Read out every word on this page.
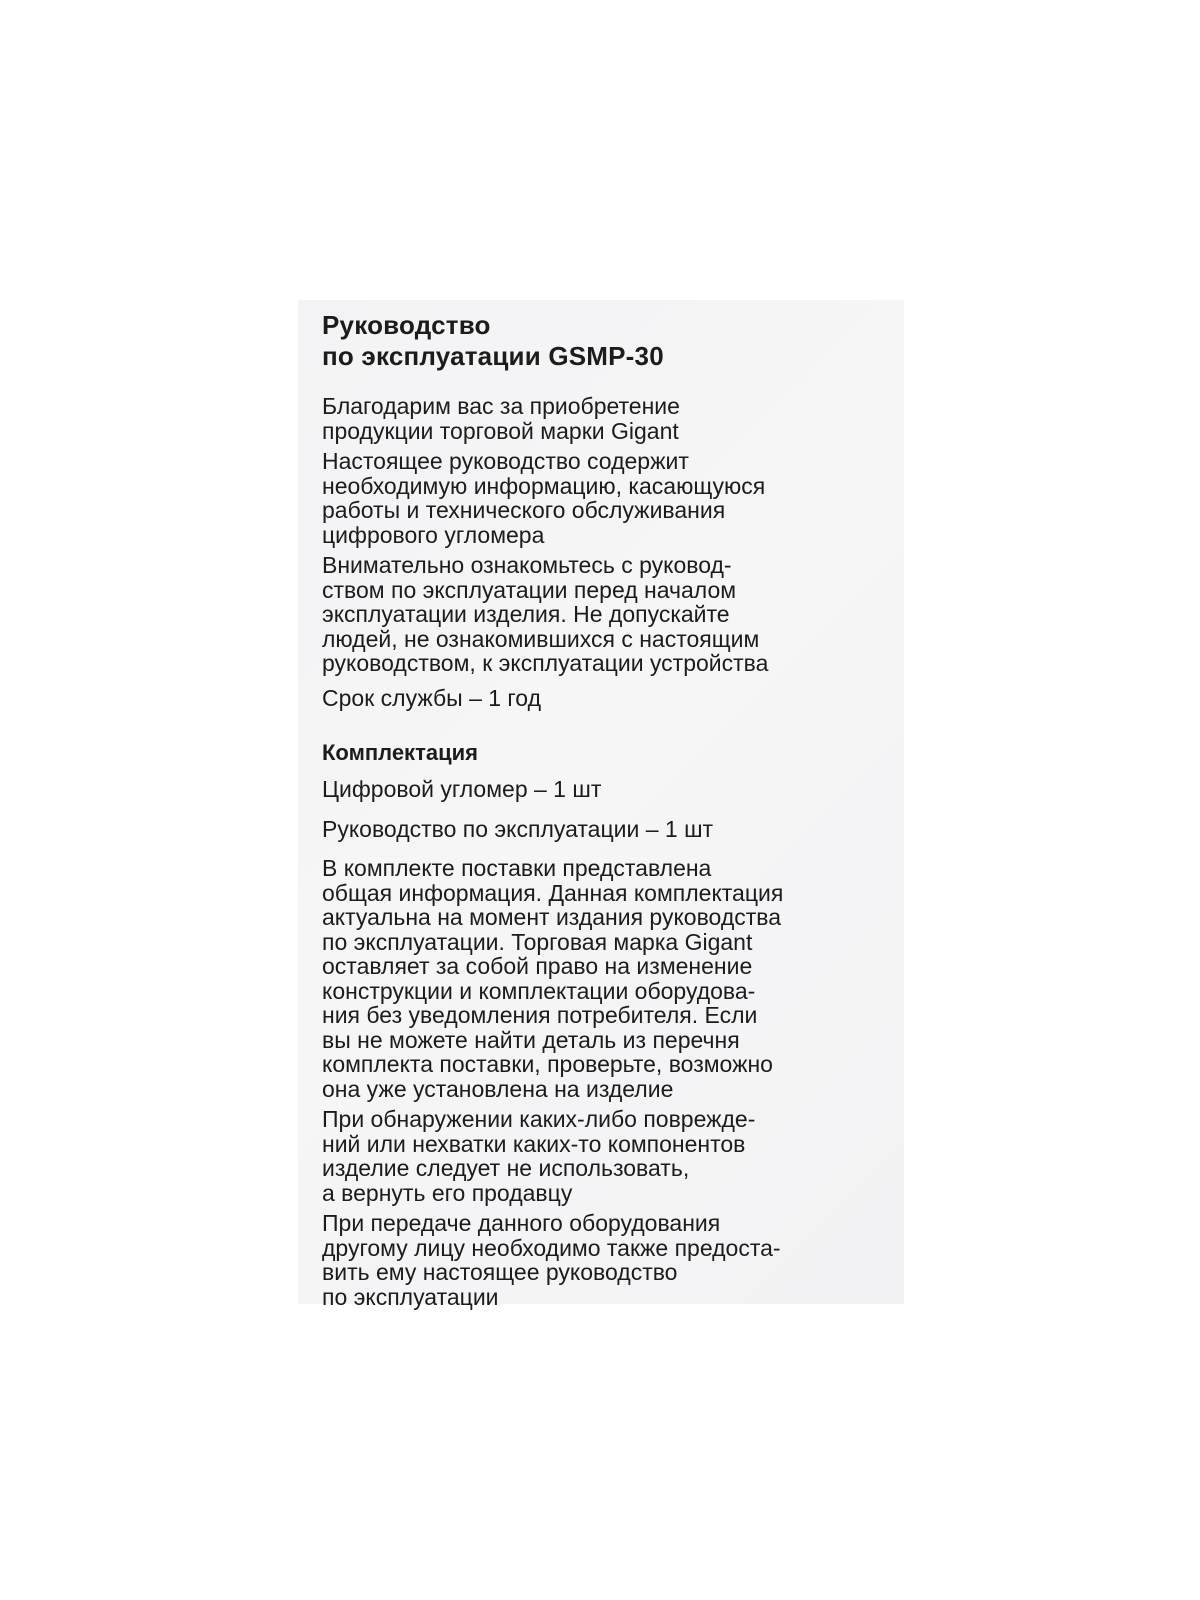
Руководство
по эксплуатации GSMP-30

Благодарим вас за приобретение
продукции торговой марки Gigant

Настоящее руководство содержит
необходимую информацию, касающуюся
работы и технического обслуживания
цифрового угломера

Внимательно ознакомьтесь с руковод-
ством по эксплуатации перед началом
эксплуатации изделия. Не допускайте
людей, не ознакомившихся с настоящим
руководством, к эксплуатации устройства

Срок службы – 1 год

Комплектация
Цифровой угломер – 1 шт
Руководство по эксплуатации – 1 шт

В комплекте поставки представлена
общая информация. Данная комплектация
актуальна на момент издания руководства
по эксплуатации. Торговая марка Gigant
оставляет за собой право на изменение
конструкции и комплектации оборудова-
ния без уведомления потребителя. Если
вы не можете найти деталь из перечня
комплекта поставки, проверьте, возможно
она уже установлена на изделие

При обнаружении каких-либо поврежде-
ний или нехватки каких-то компонентов
изделие следует не использовать,
а вернуть его продавцу

При передаче данного оборудования
другому лицу необходимо также предоста-
вить ему настоящее руководство
по эксплуатации
